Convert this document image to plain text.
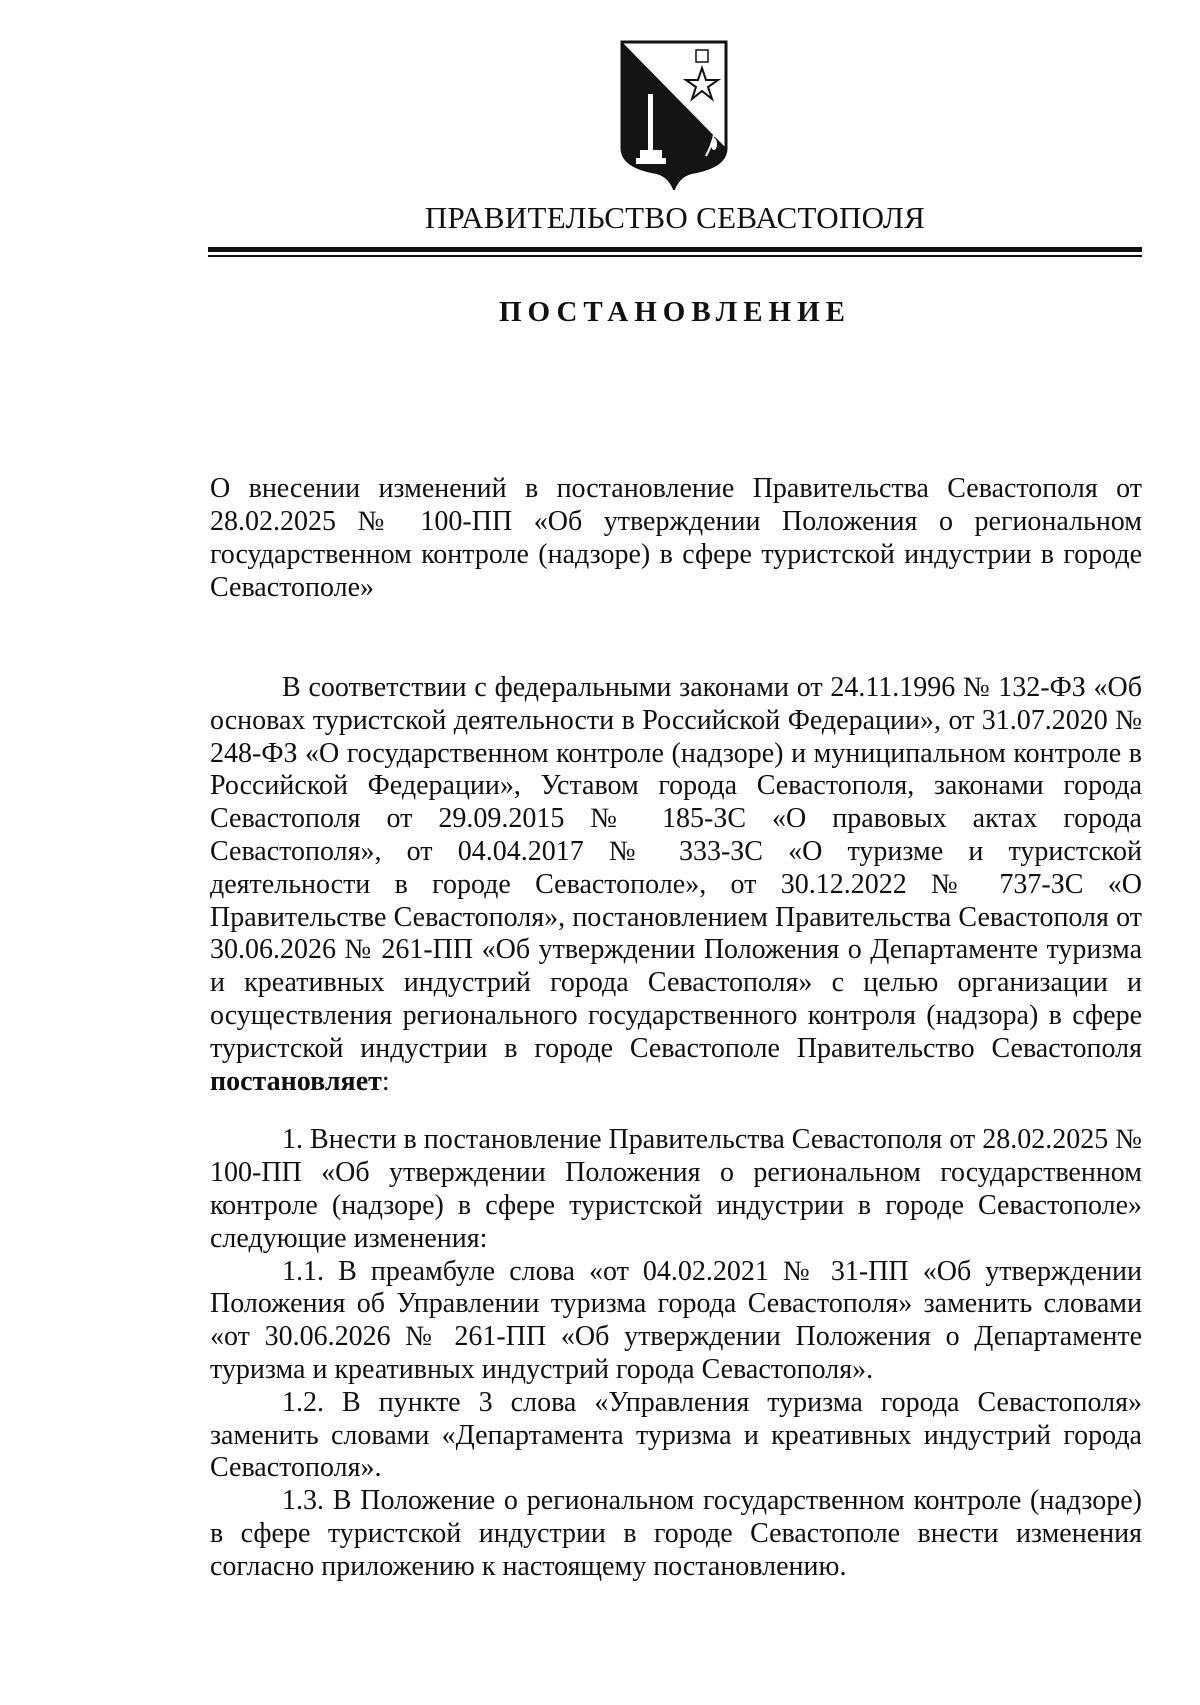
ПРАВИТЕЛЬСТВО СЕВАСТОПОЛЯ
ПОСТАНОВЛЕНИЕ
О внесении изменений в постановление Правительства Севастополя от 28.02.2025 № 100-ПП «Об утверждении Положения о региональном государственном контроле (надзоре) в сфере туристской индустрии в городе Севастополе»

В соответствии с федеральными законами от 24.11.1996 № 132-ФЗ «Об основах туристской деятельности в Российской Федерации», от 31.07.2020 № 248-ФЗ «О государственном контроле (надзоре) и муниципальном контроле в Российской Федерации», Уставом города Севастополя, законами города Севастополя от 29.09.2015 № 185-ЗС «О правовых актах города Севастополя», от 04.04.2017 № 333-ЗС «О туризме и туристской деятельности в городе Севастополе», от 30.12.2022 № 737-ЗС «О Правительстве Севастополя», постановлением Правительства Севастополя от 30.06.2026 № 261-ПП «Об утверждении Положения о Департаменте туризма и креативных индустрий города Севастополя» с целью организации и осуществления регионального государственного контроля (надзора) в сфере туристской индустрии в городе Севастополе Правительство Севастополя постановляет:

1. Внести в постановление Правительства Севастополя от 28.02.2025 № 100-ПП «Об утверждении Положения о региональном государственном контроле (надзоре) в сфере туристской индустрии в городе Севастополе» следующие изменения:

1.1. В преамбуле слова «от 04.02.2021 № 31-ПП «Об утверждении Положения об Управлении туризма города Севастополя» заменить словами «от 30.06.2026 № 261-ПП «Об утверждении Положения о Департаменте туризма и креативных индустрий города Севастополя».

1.2. В пункте 3 слова «Управления туризма города Севастополя» заменить словами «Департамента туризма и креативных индустрий города Севастополя».

1.3. В Положение о региональном государственном контроле (надзоре) в сфере туристской индустрии в городе Севастополе внести изменения согласно приложению к настоящему постановлению.
